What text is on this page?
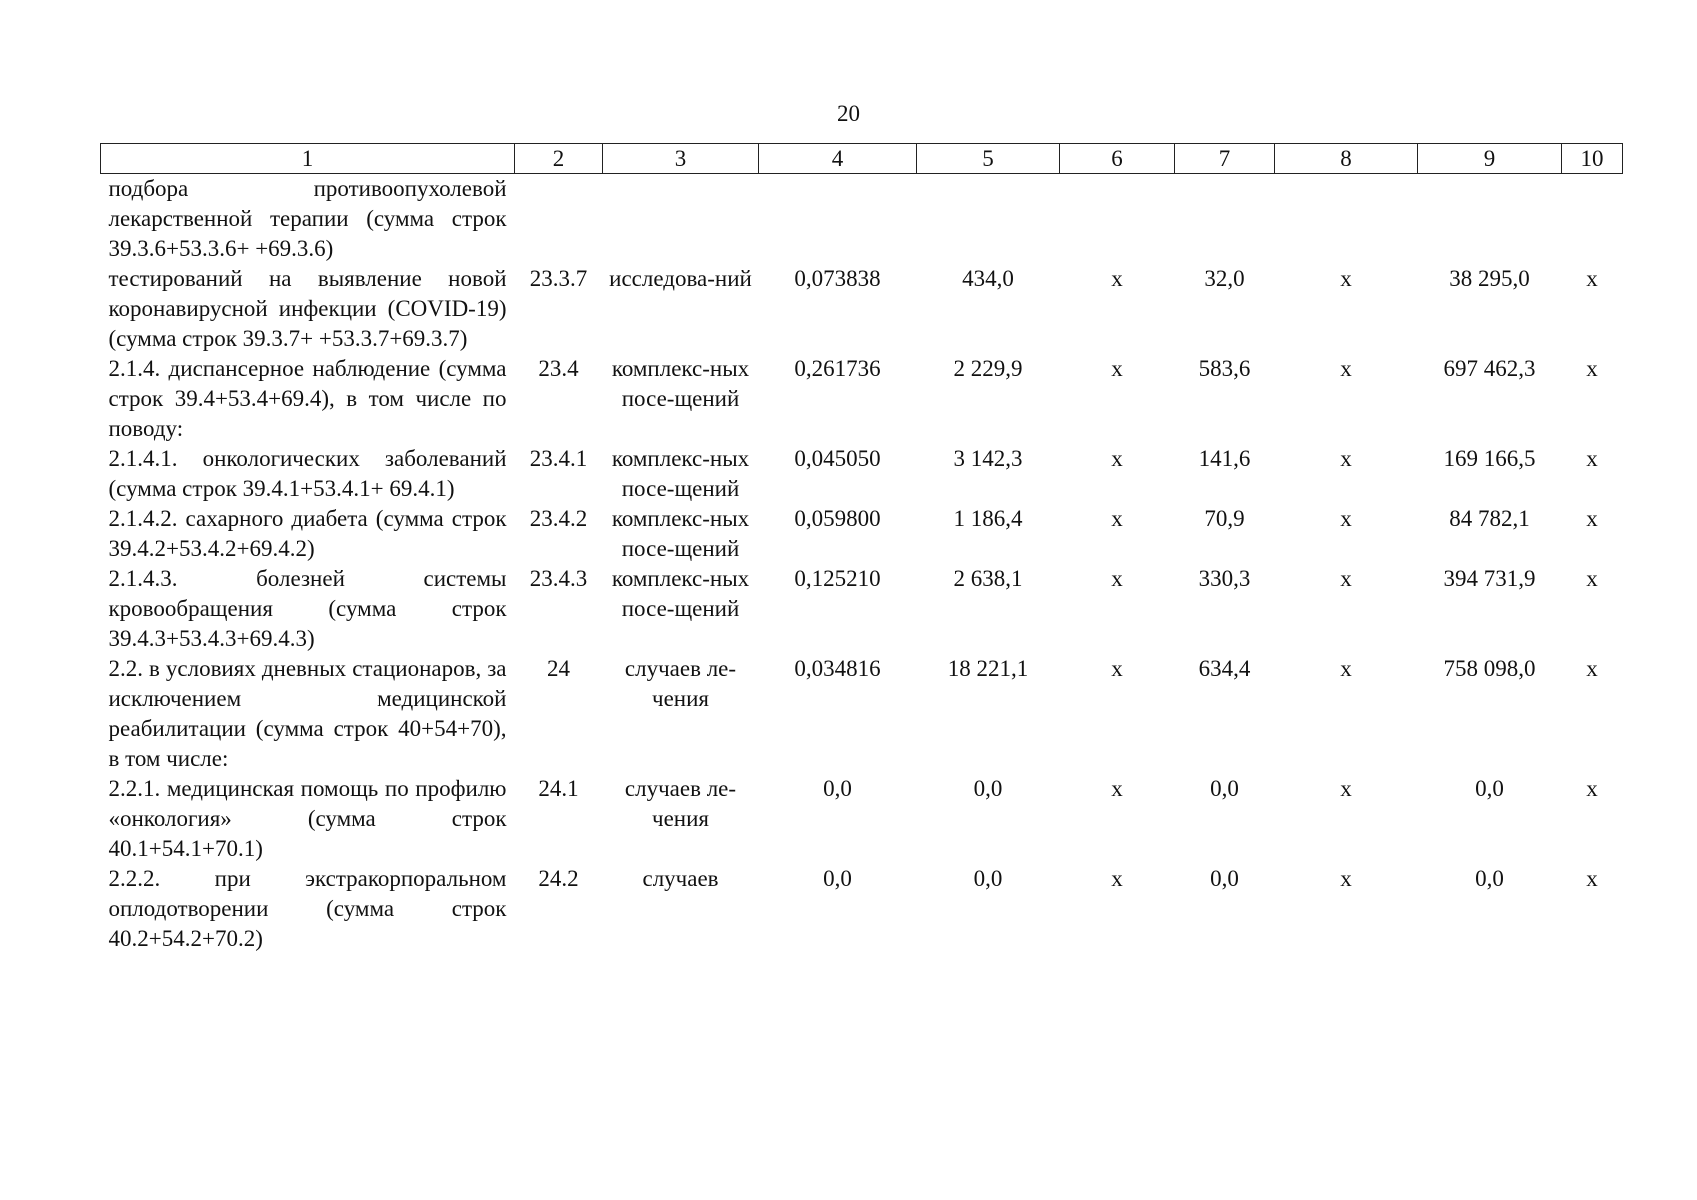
20
1	2	3	4	5	6	7	8	9	10
подбора противоопухолевой лекарственной терапии (сумма строк 39.3.6+53.3.6+ +69.3.6)									
тестирований на выявление новой коронавирусной инфекции (COVID-19) (сумма строк 39.3.7+ +53.3.7+69.3.7)	23.3.7	исследова-ний	0,073838	434,0	х	32,0	х	38 295,0	х
2.1.4. диспансерное наблюдение (сумма строк 39.4+53.4+69.4), в том числе по поводу:	23.4	комплекс-ных посе-щений	0,261736	2 229,9	х	583,6	х	697 462,3	х
2.1.4.1. онкологических заболеваний (сумма строк 39.4.1+53.4.1+ 69.4.1)	23.4.1	комплекс-ных посе-щений	0,045050	3 142,3	х	141,6	х	169 166,5	х
2.1.4.2. сахарного диабета (сумма строк 39.4.2+53.4.2+69.4.2)	23.4.2	комплекс-ных посе-щений	0,059800	1 186,4	х	70,9	х	84 782,1	х
2.1.4.3. болезней системы кровообращения (сумма строк 39.4.3+53.4.3+69.4.3)	23.4.3	комплекс-ных посе-щений	0,125210	2 638,1	х	330,3	х	394 731,9	х
2.2. в условиях дневных стационаров, за исключением медицинской реабилитации (сумма строк 40+54+70), в том числе:	24	случаев ле-чения	0,034816	18 221,1	х	634,4	х	758 098,0	х
2.2.1. медицинская помощь по профилю «онкология» (сумма строк 40.1+54.1+70.1)	24.1	случаев ле-чения	0,0	0,0	х	0,0	х	0,0	х
2.2.2. при экстракорпоральном оплодотворении (сумма строк 40.2+54.2+70.2)	24.2	случаев	0,0	0,0	х	0,0	х	0,0	х
